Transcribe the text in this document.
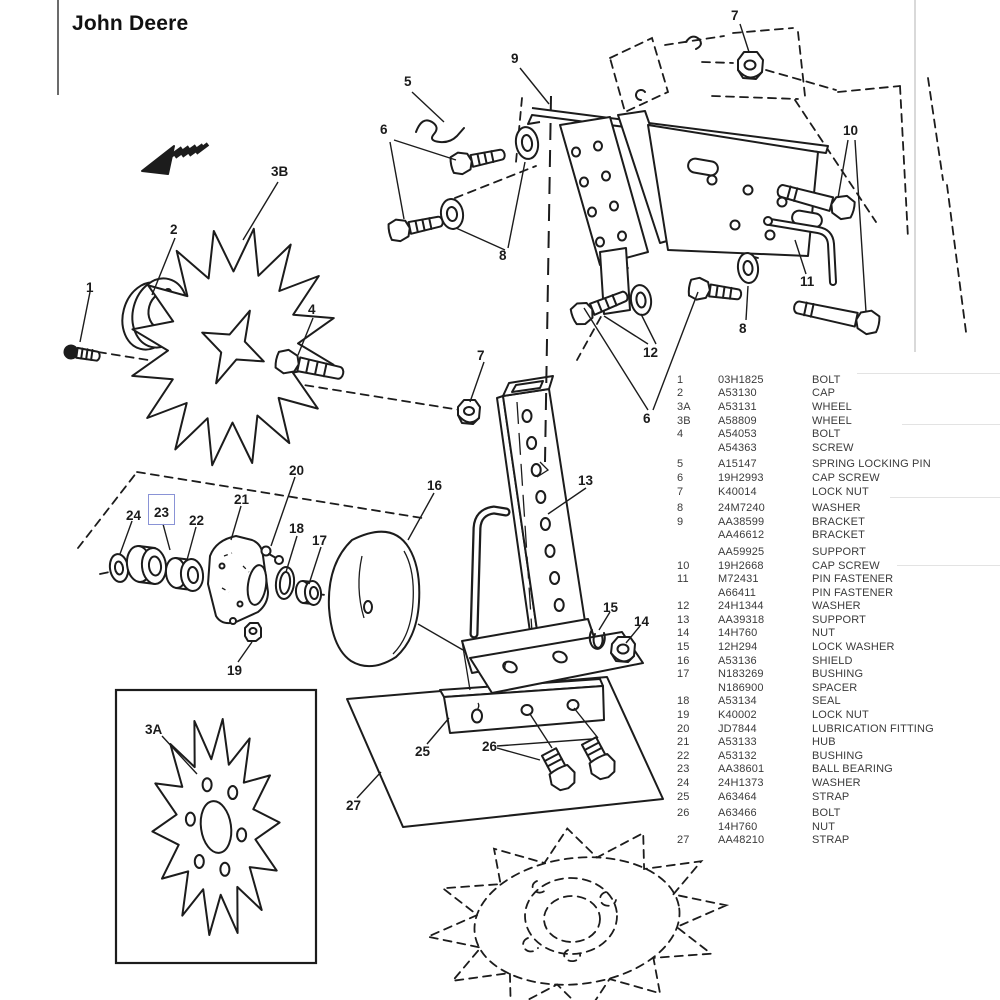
John Deere
1
2
3B
4
5
6
9
7
10
11
8
8
12
6
7
13
16
20
21
18
17
22
23
24
19
15
14
25	26
27
3A
1	03H1825	BOLT
2	A53130	CAP
3A	A53131	WHEEL
3B	A58809	WHEEL
4	A54053	BOLT
A54363	SCREW
5	A15147	SPRING LOCKING PIN
6	19H2993	CAP SCREW
7	K40014	LOCK NUT
8	24M7240	WASHER
9	AA38599	BRACKET
AA46612	BRACKET
AA59925	SUPPORT
10	19H2668	CAP SCREW
11	M72431	PIN FASTENER
A66411	PIN FASTENER
12	24H1344	WASHER
13	AA39318	SUPPORT
14	14H760	NUT
15	12H294	LOCK WASHER
16	A53136	SHIELD
17	N183269	BUSHING
N186900	SPACER
18	A53134	SEAL
19	K40002	LOCK NUT
20	JD7844	LUBRICATION FITTING
21	A53133	HUB
22	A53132	BUSHING
23	AA38601	BALL BEARING
24	24H1373	WASHER
25	A63464	STRAP
26	A63466	BOLT
14H760	NUT
27	AA48210	STRAP
